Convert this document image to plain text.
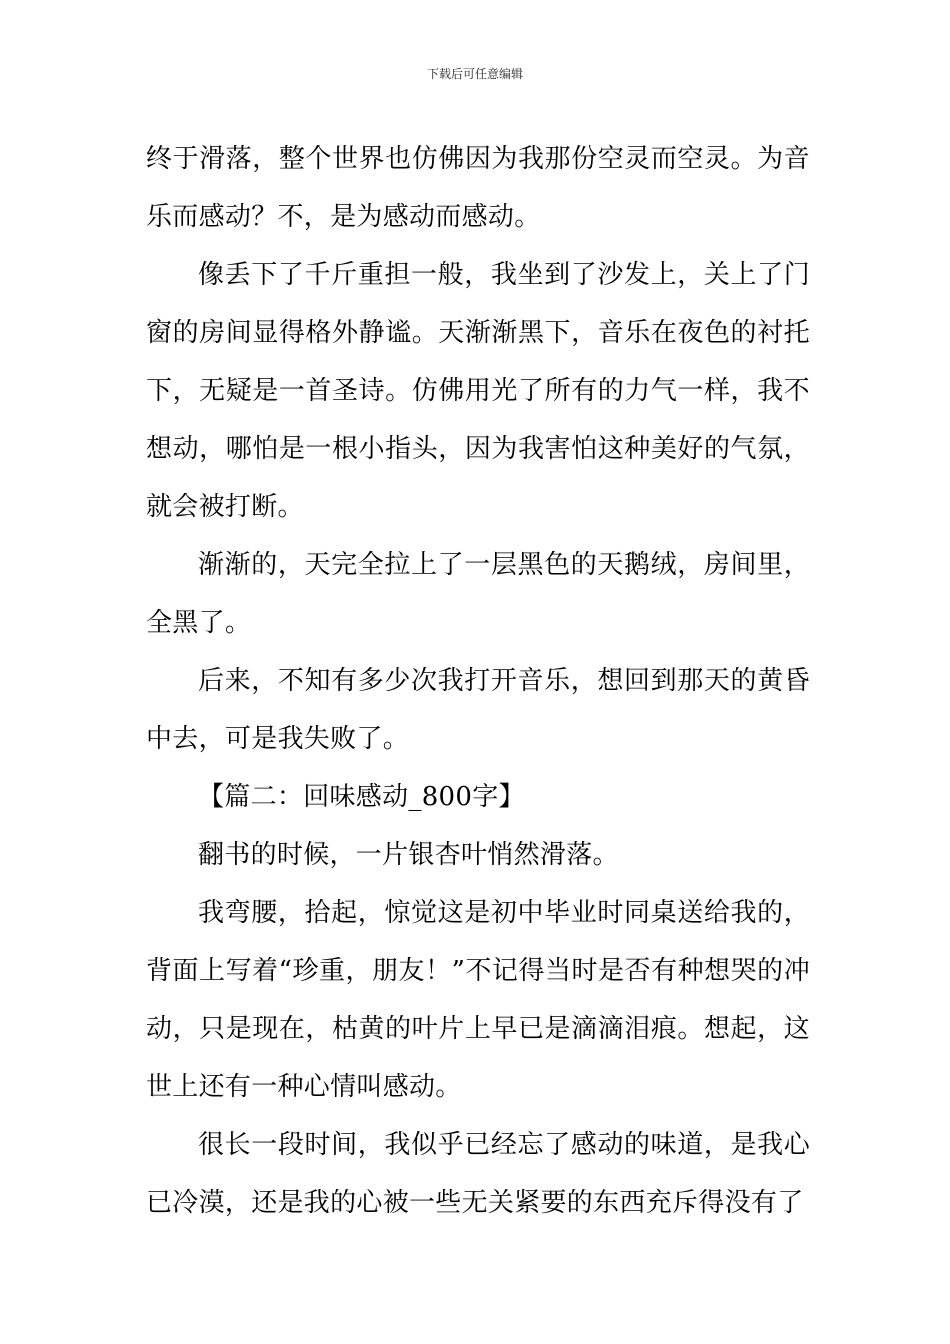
下载后可任意编辑

终于滑落，整个世界也仿佛因为我那份空灵而空灵。为音乐而感动？不，是为感动而感动。

像丢下了千斤重担一般，我坐到了沙发上，关上了门窗的房间显得格外静谧。天渐渐黑下，音乐在夜色的衬托下，无疑是一首圣诗。仿佛用光了所有的力气一样，我不想动，哪怕是一根小指头，因为我害怕这种美好的气氛，就会被打断。

渐渐的，天完全拉上了一层黑色的天鹅绒，房间里，全黑了。

后来，不知有多少次我打开音乐，想回到那天的黄昏中去，可是我失败了。

【篇二：回味感动_800字】

翻书的时候，一片银杏叶悄然滑落。

我弯腰，拾起，惊觉这是初中毕业时同桌送给我的，背面上写着“珍重，朋友！”不记得当时是否有种想哭的冲动，只是现在，枯黄的叶片上早已是滴滴泪痕。想起，这世上还有一种心情叫感动。

很长一段时间，我似乎已经忘了感动的味道，是我心已冷漠，还是我的心被一些无关紧要的东西充斥得没有了
